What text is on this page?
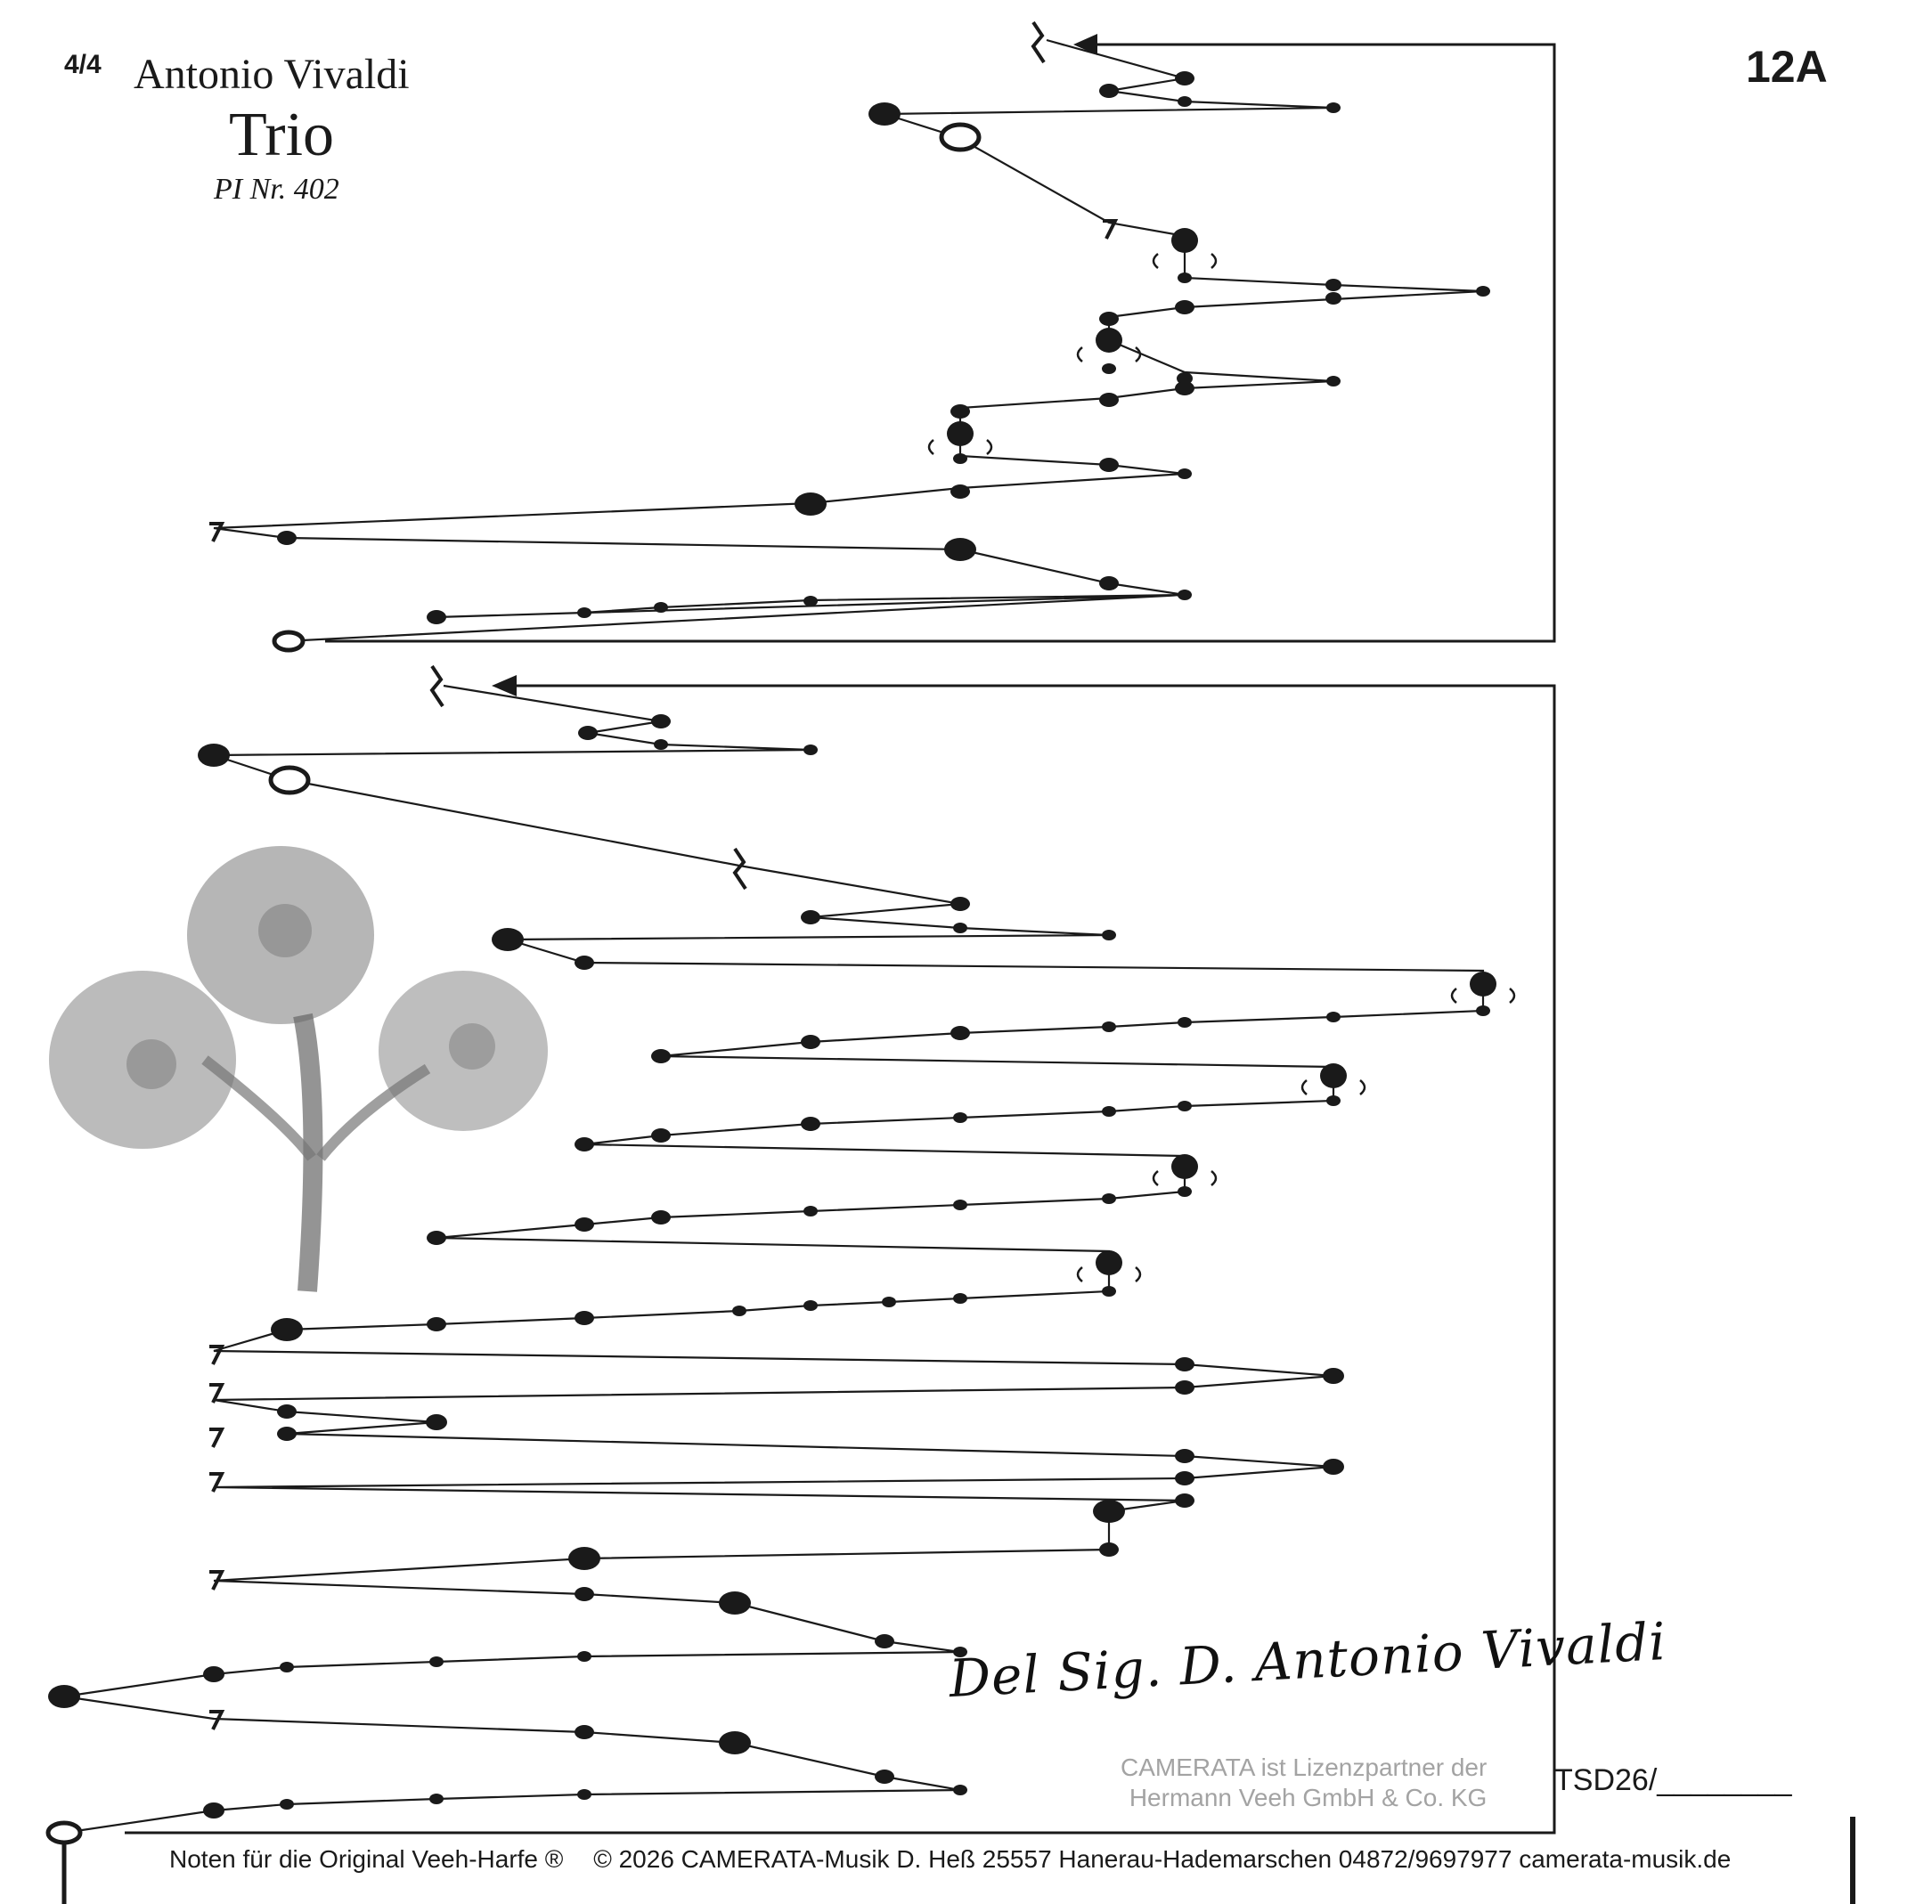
4/4 Antonio Vivaldi
Trio
PI Nr. 402
12A
Del Sig. D. Antonio Vivaldi
CAMERATA ist Lizenzpartner der
Hermann Veeh GmbH & Co. KG
TSD26/________
Noten für die Original Veeh-Harfe ® © 2026 CAMERATA-Musik D. Heß 25557 Hanerau-Hademarschen 04872/9697977 camerata-musik.de
